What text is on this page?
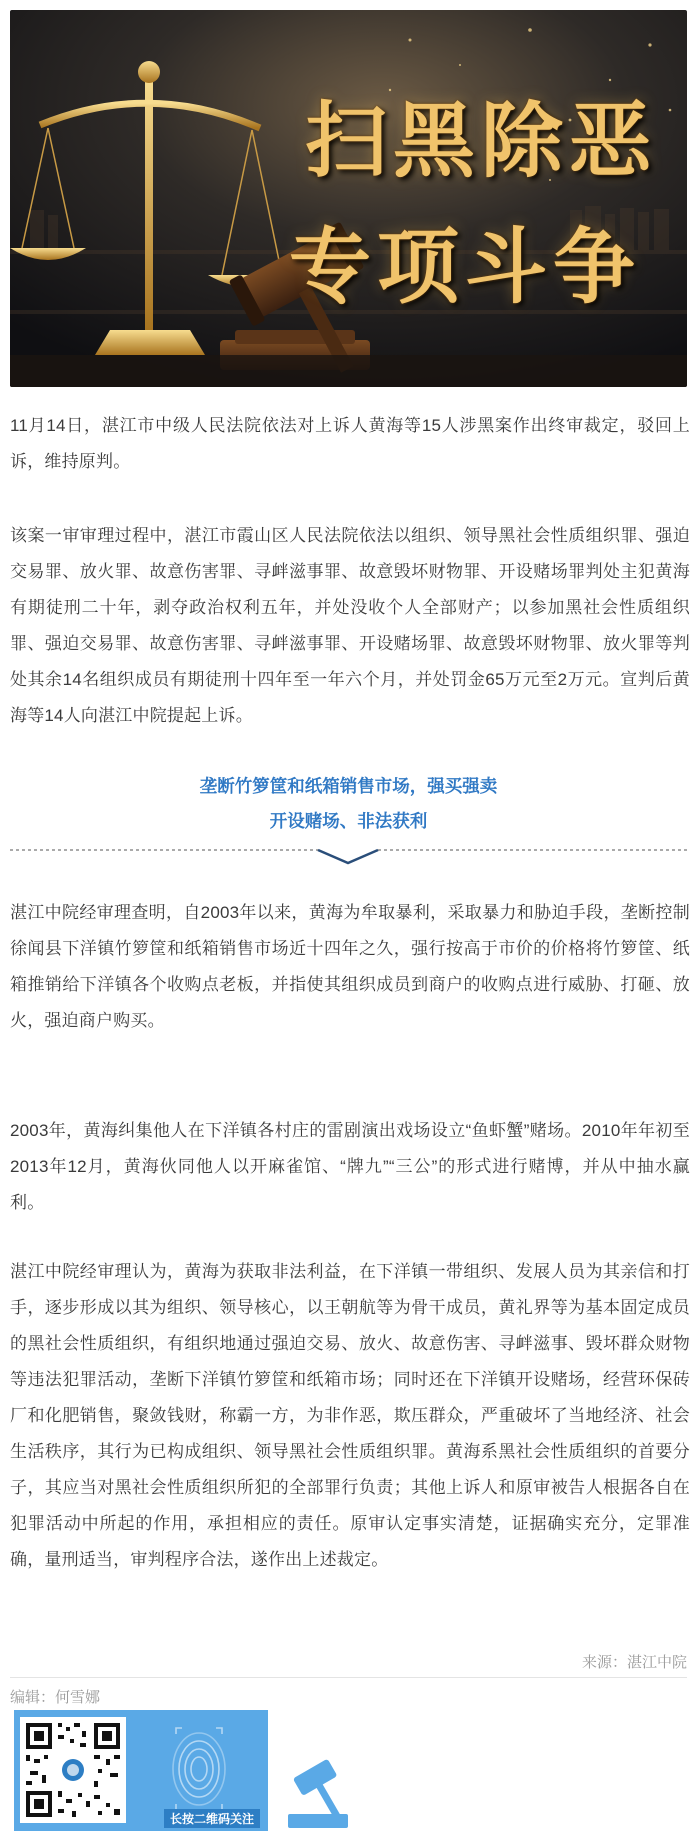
扫黑除恶
专项斗争

11月14日，湛江市中级人民法院依法对上诉人黄海等15人涉黑案作出终审裁定，驳回上诉，维持原判。

该案一审审理过程中，湛江市霞山区人民法院依法以组织、领导黑社会性质组织罪、强迫交易罪、放火罪、故意伤害罪、寻衅滋事罪、故意毁坏财物罪、开设赌场罪判处主犯黄海有期徒刑二十年，剥夺政治权利五年，并处没收个人全部财产；以参加黑社会性质组织罪、强迫交易罪、故意伤害罪、寻衅滋事罪、开设赌场罪、故意毁坏财物罪、放火罪等判处其余14名组织成员有期徒刑十四年至一年六个月，并处罚金65万元至2万元。宣判后黄海等14人向湛江中院提起上诉。

垄断竹箩筐和纸箱销售市场，强买强卖
开设赌场、非法获利

湛江中院经审理查明，自2003年以来，黄海为牟取暴利，采取暴力和胁迫手段，垄断控制徐闻县下洋镇竹箩筐和纸箱销售市场近十四年之久，强行按高于市价的价格将竹箩筐、纸箱推销给下洋镇各个收购点老板，并指使其组织成员到商户的收购点进行威胁、打砸、放火，强迫商户购买。

2003年，黄海纠集他人在下洋镇各村庄的雷剧演出戏场设立“鱼虾蟹”赌场。2010年年初至2013年12月，黄海伙同他人以开麻雀馆、“牌九”“三公”的形式进行赌博，并从中抽水赢利。

湛江中院经审理认为，黄海为获取非法利益，在下洋镇一带组织、发展人员为其亲信和打手，逐步形成以其为组织、领导核心，以王朝航等为骨干成员，黄礼界等为基本固定成员的黑社会性质组织，有组织地通过强迫交易、放火、故意伤害、寻衅滋事、毁坏群众财物等违法犯罪活动，垄断下洋镇竹箩筐和纸箱市场；同时还在下洋镇开设赌场，经营环保砖厂和化肥销售，聚敛钱财，称霸一方，为非作恶，欺压群众，严重破坏了当地经济、社会生活秩序，其行为已构成组织、领导黑社会性质组织罪。黄海系黑社会性质组织的首要分子，其应当对黑社会性质组织所犯的全部罪行负责；其他上诉人和原审被告人根据各自在犯罪活动中所起的作用，承担相应的责任。原审认定事实清楚，证据确实充分，定罪准确，量刑适当，审判程序合法，遂作出上述裁定。

来源：湛江中院
编辑：何雪娜
长按二维码关注
